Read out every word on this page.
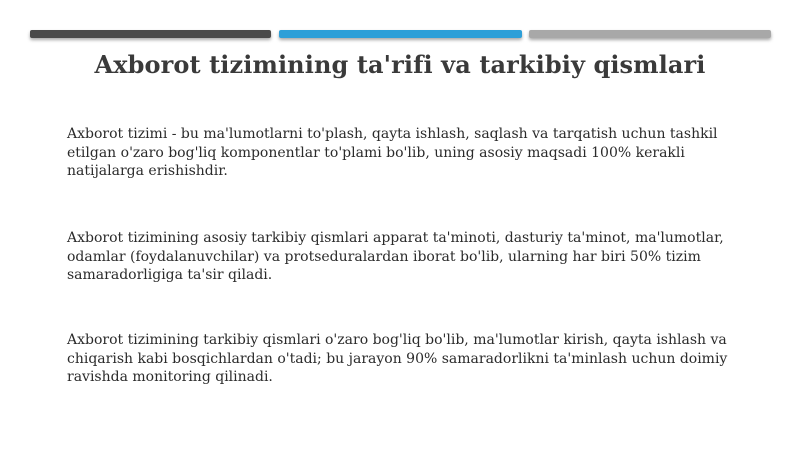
Axborot tizimining ta'rifi va tarkibiy qismlari
Axborot tizimi - bu ma'lumotlarni to'plash, qayta ishlash, saqlash va tarqatish uchun tashkil etilgan o'zaro bog'liq komponentlar to'plami bo'lib, uning asosiy maqsadi 100% kerakli natijalarga erishishdir.
Axborot tizimining asosiy tarkibiy qismlari apparat ta'minoti, dasturiy ta'minot, ma'lumotlar, odamlar (foydalanuvchilar) va protseduralardan iborat bo'lib, ularning har biri 50% tizim samaradorligiga ta'sir qiladi.
Axborot tizimining tarkibiy qismlari o'zaro bog'liq bo'lib, ma'lumotlar kirish, qayta ishlash va chiqarish kabi bosqichlardan o'tadi; bu jarayon 90% samaradorlikni ta'minlash uchun doimiy ravishda monitoring qilinadi.
